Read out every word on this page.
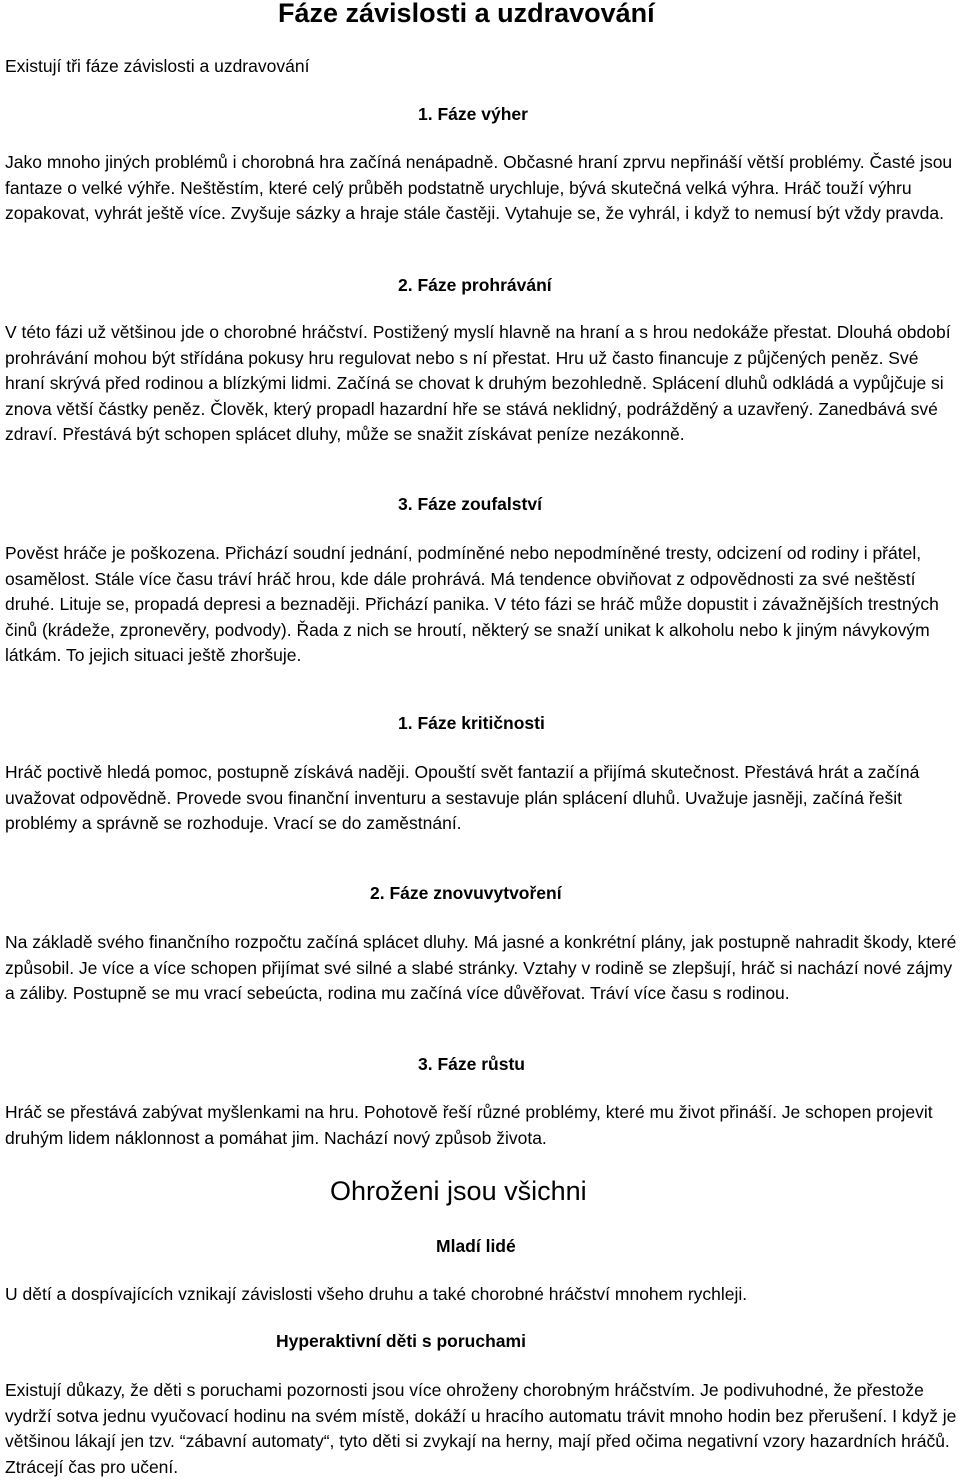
Fáze závislosti a uzdravování
Existují tři fáze závislosti a uzdravování
1. Fáze výher
Jako mnoho jiných problémů i chorobná hra začíná nenápadně. Občasné hraní zprvu nepřináší větší problémy. Časté jsou fantaze o velké výhře. Neštěstím, které celý průběh podstatně urychluje, bývá skutečná velká výhra. Hráč touží výhru zopakovat, vyhrát ještě více. Zvyšuje sázky a hraje stále častěji. Vytahuje se, že vyhrál, i když to nemusí být vždy pravda.
2. Fáze prohrávání
V této fázi už většinou jde o chorobné hráčství. Postižený myslí hlavně na hraní a s hrou nedokáže přestat. Dlouhá období prohrávání mohou být střídána pokusy hru regulovat nebo s ní přestat. Hru už často financuje z půjčených peněz. Své hraní skrývá před rodinou a blízkými lidmi. Začíná se chovat k druhým bezohledně. Splácení dluhů odkládá a vypůjčuje si znova větší částky peněz. Člověk, který propadl hazardní hře se stává neklidný, podrážděný a uzavřený. Zanedbává své zdraví. Přestává být schopen splácet dluhy, může se snažit získávat peníze nezákonně.
3. Fáze zoufalství
Pověst hráče je poškozena. Přichází soudní jednání, podmíněné nebo nepodmíněné tresty, odcizení od rodiny i přátel, osamělost. Stále více času tráví hráč hrou, kde dále prohrává. Má tendence obviňovat z odpovědnosti za své neštěstí druhé. Lituje se, propadá depresi a beznaději. Přichází panika. V této fázi se hráč může dopustit i závažnějších trestných činů (krádeže, zpronevěry, podvody). Řada z nich se hroutí, některý se snaží unikat k alkoholu nebo k jiným návykovým látkám. To jejich situaci ještě zhoršuje.
1. Fáze kritičnosti
Hráč poctivě hledá pomoc, postupně získává naději. Opouští svět fantazií a přijímá skutečnost. Přestává hrát a začíná uvažovat odpovědně. Provede svou finanční inventuru a sestavuje plán splácení dluhů. Uvažuje jasněji, začíná řešit problémy a správně se rozhoduje. Vrací se do zaměstnání.
2. Fáze znovuvytvoření
Na základě svého finančního rozpočtu začíná splácet dluhy. Má jasné a konkrétní plány, jak postupně nahradit škody, které způsobil. Je více a více schopen přijímat své silné a slabé stránky. Vztahy v rodině se zlepšují, hráč si nachází nové zájmy a záliby. Postupně se mu vrací sebeúcta, rodina mu začíná více důvěřovat. Tráví více času s rodinou.
3. Fáze růstu
Hráč se přestává zabývat myšlenkami na hru. Pohotově řeší různé problémy, které mu život přináší. Je schopen projevit druhým lidem náklonnost a pomáhat jim. Nachází nový způsob života.
Ohroženi jsou všichni
Mladí lidé
U dětí a dospívajících vznikají závislosti všeho druhu a také chorobné hráčství mnohem rychleji.
Hyperaktivní děti s poruchami
Existují důkazy, že děti s poruchami pozornosti jsou více ohroženy chorobným hráčstvím. Je podivuhodné, že přestože vydrží sotva jednu vyučovací hodinu na svém místě, dokáží u hracího automatu trávit mnoho hodin bez přerušení. I když je většinou lákají jen tzv. “zábavní automaty“, tyto děti si zvykají na herny, mají před očima negativní vzory hazardních hráčů. Ztrácejí čas pro učení.
